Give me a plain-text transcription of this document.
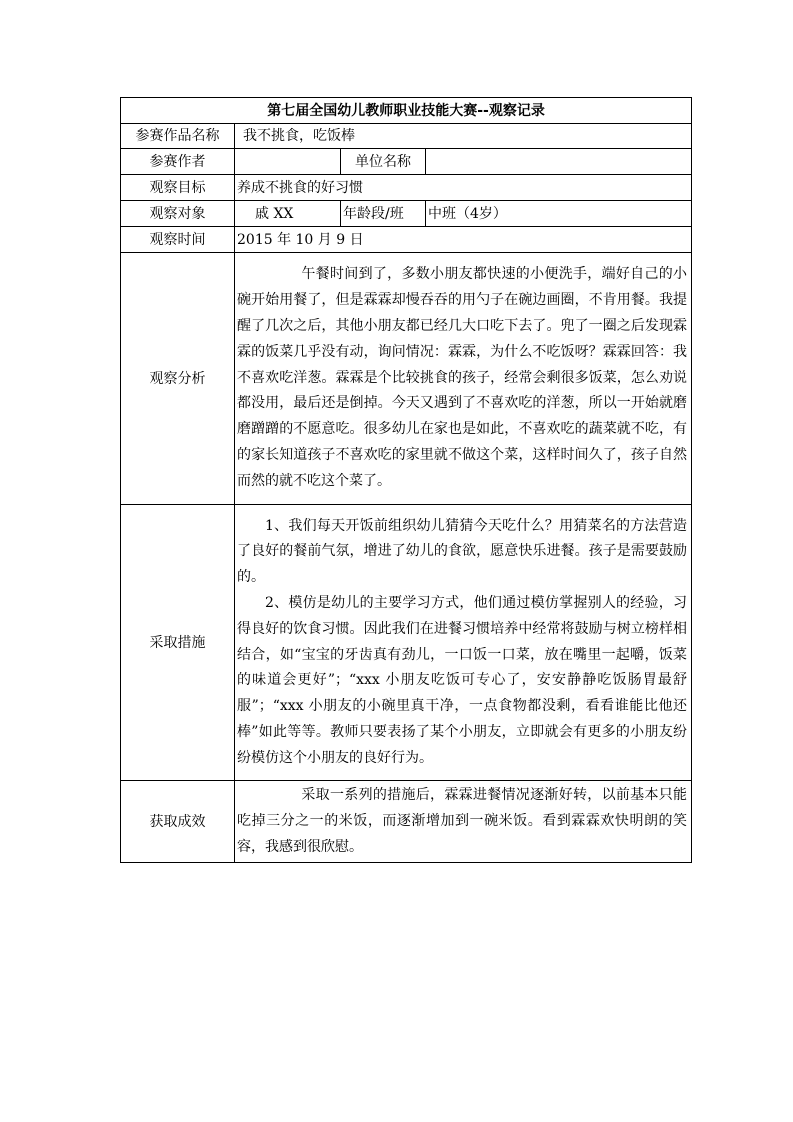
第七届全国幼儿教师职业技能大赛--观察记录			
参赛作品名称	我不挑食，吃饭棒		
参赛作者		单位名称	
观察目标	养成不挑食的好习惯		
观察对象	戚 XX	年龄段/班	中班（4岁）
观察时间	2015 年 10 月 9 日		
观察分析	午餐时间到了，多数小朋友都快速的小便洗手，端好自己的小碗开始用餐了，但是霖霖却慢吞吞的用勺子在碗边画圈，不肯用餐。我提醒了几次之后，其他小朋友都已经几大口吃下去了。兜了一圈之后发现霖霖的饭菜几乎没有动，询问情况：霖霖，为什么不吃饭呀？霖霖回答：我不喜欢吃洋葱。霖霖是个比较挑食的孩子，经常会剩很多饭菜，怎么劝说都没用，最后还是倒掉。今天又遇到了不喜欢吃的洋葱，所以一开始就磨磨蹭蹭的不愿意吃。很多幼儿在家也是如此，不喜欢吃的蔬菜就不吃，有的家长知道孩子不喜欢吃的家里就不做这个菜，这样时间久了，孩子自然而然的就不吃这个菜了。		

采取措施	1、我们每天开饭前组织幼儿猜猜今天吃什么？用猜菜名的方法营造了良好的餐前气氛，增进了幼儿的食欲，愿意快乐进餐。孩子是需要鼓励的。

2、模仿是幼儿的主要学习方式，他们通过模仿掌握别人的经验，习得良好的饮食习惯。因此我们在进餐习惯培养中经常将鼓励与树立榜样相结合，如“宝宝的牙齿真有劲儿，一口饭一口菜，放在嘴里一起嚼，饭菜的味道会更好”；“xxx 小朋友吃饭可专心了，安安静静吃饭肠胃最舒服”；“xxx 小朋友的小碗里真干净，一点食物都没剩，看看谁能比他还棒”如此等等。教师只要表扬了某个小朋友，立即就会有更多的小朋友纷纷模仿这个小朋友的良好行为。		

获取成效	采取一系列的措施后，霖霖进餐情况逐渐好转，以前基本只能吃掉三分之一的米饭，而逐渐增加到一碗米饭。看到霖霖欢快明朗的笑容，我感到很欣慰。		
